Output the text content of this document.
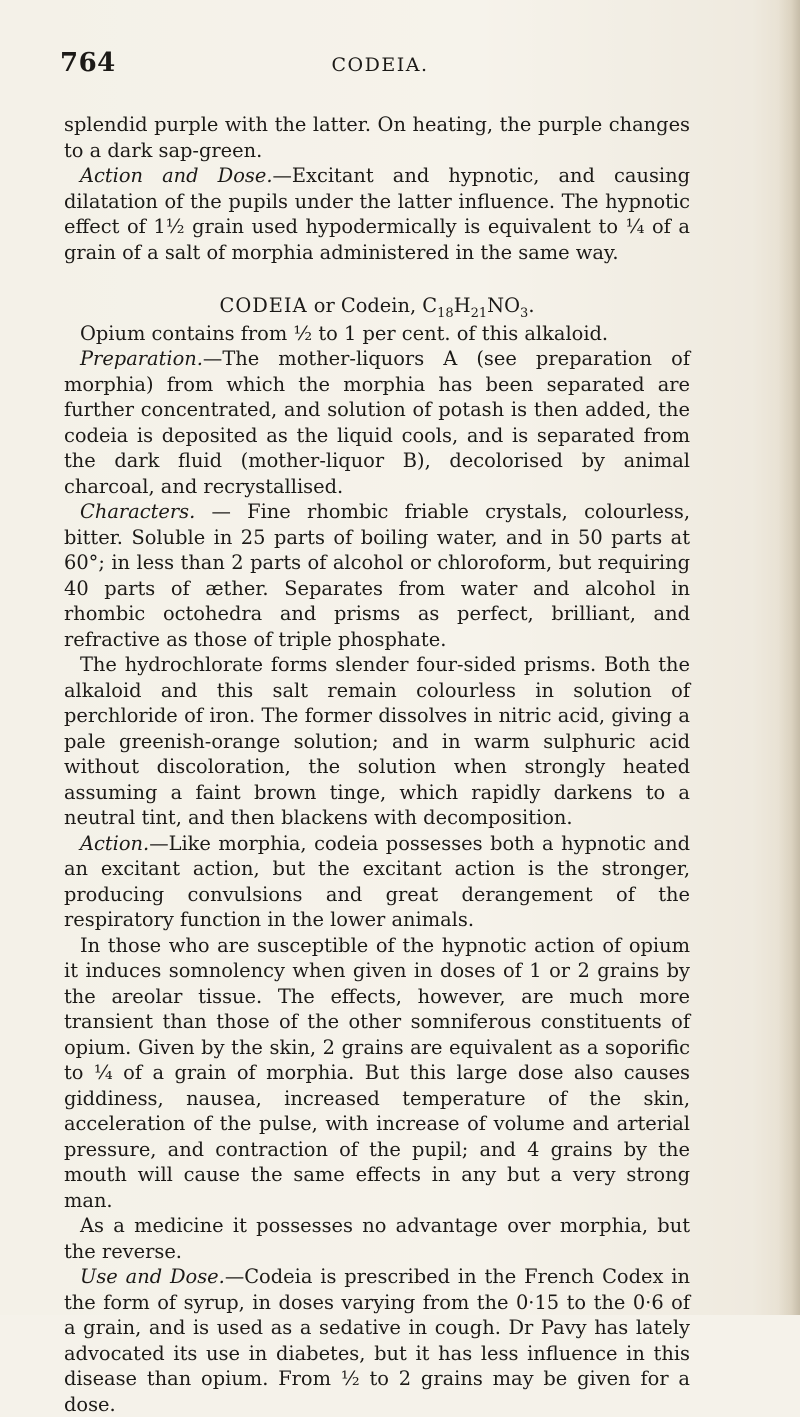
764	CODEIA.

splendid purple with the latter. On heating, the purple changes to a dark sap-green.

Action and Dose.—Excitant and hypnotic, and causing dilatation of the pupils under the latter influence. The hypnotic effect of 1½ grain used hypodermically is equivalent to ¼ of a grain of a salt of morphia administered in the same way.

CODEIA or Codein, $C_{18}H_{21}NO_3$.

Opium contains from ½ to 1 per cent. of this alkaloid.

Preparation.—The mother-liquors A (see preparation of morphia) from which the morphia has been separated are further concentrated, and solution of potash is then added, the codeia is deposited as the liquid cools, and is separated from the dark fluid (mother-liquor B), decolorised by animal charcoal, and recrystallised.

Characters. — Fine rhombic friable crystals, colourless, bitter. Soluble in 25 parts of boiling water, and in 50 parts at 60°; in less than 2 parts of alcohol or chloroform, but requiring 40 parts of æther. Separates from water and alcohol in rhombic octohedra and prisms as perfect, brilliant, and refractive as those of triple phosphate.

The hydrochlorate forms slender four-sided prisms. Both the alkaloid and this salt remain colourless in solution of perchloride of iron. The former dissolves in nitric acid, giving a pale greenish-orange solution; and in warm sulphuric acid without discoloration, the solution when strongly heated assuming a faint brown tinge, which rapidly darkens to a neutral tint, and then blackens with decomposition.

Action.—Like morphia, codeia possesses both a hypnotic and an excitant action, but the excitant action is the stronger, producing convulsions and great derangement of the respiratory function in the lower animals.

In those who are susceptible of the hypnotic action of opium it induces somnolency when given in doses of 1 or 2 grains by the areolar tissue. The effects, however, are much more transient than those of the other somniferous constituents of opium. Given by the skin, 2 grains are equivalent as a soporific to ¼ of a grain of morphia. But this large dose also causes giddiness, nausea, increased temperature of the skin, acceleration of the pulse, with increase of volume and arterial pressure, and contraction of the pupil; and 4 grains by the mouth will cause the same effects in any but a very strong man.

As a medicine it possesses no advantage over morphia, but the reverse.

Use and Dose.—Codeia is prescribed in the French Codex in the form of syrup, in doses varying from the 0·15 to the 0·6 of a grain, and is used as a sedative in cough. Dr Pavy has lately advocated its use in diabetes, but it has less influence in this disease than opium. From ½ to 2 grains may be given for a dose.
